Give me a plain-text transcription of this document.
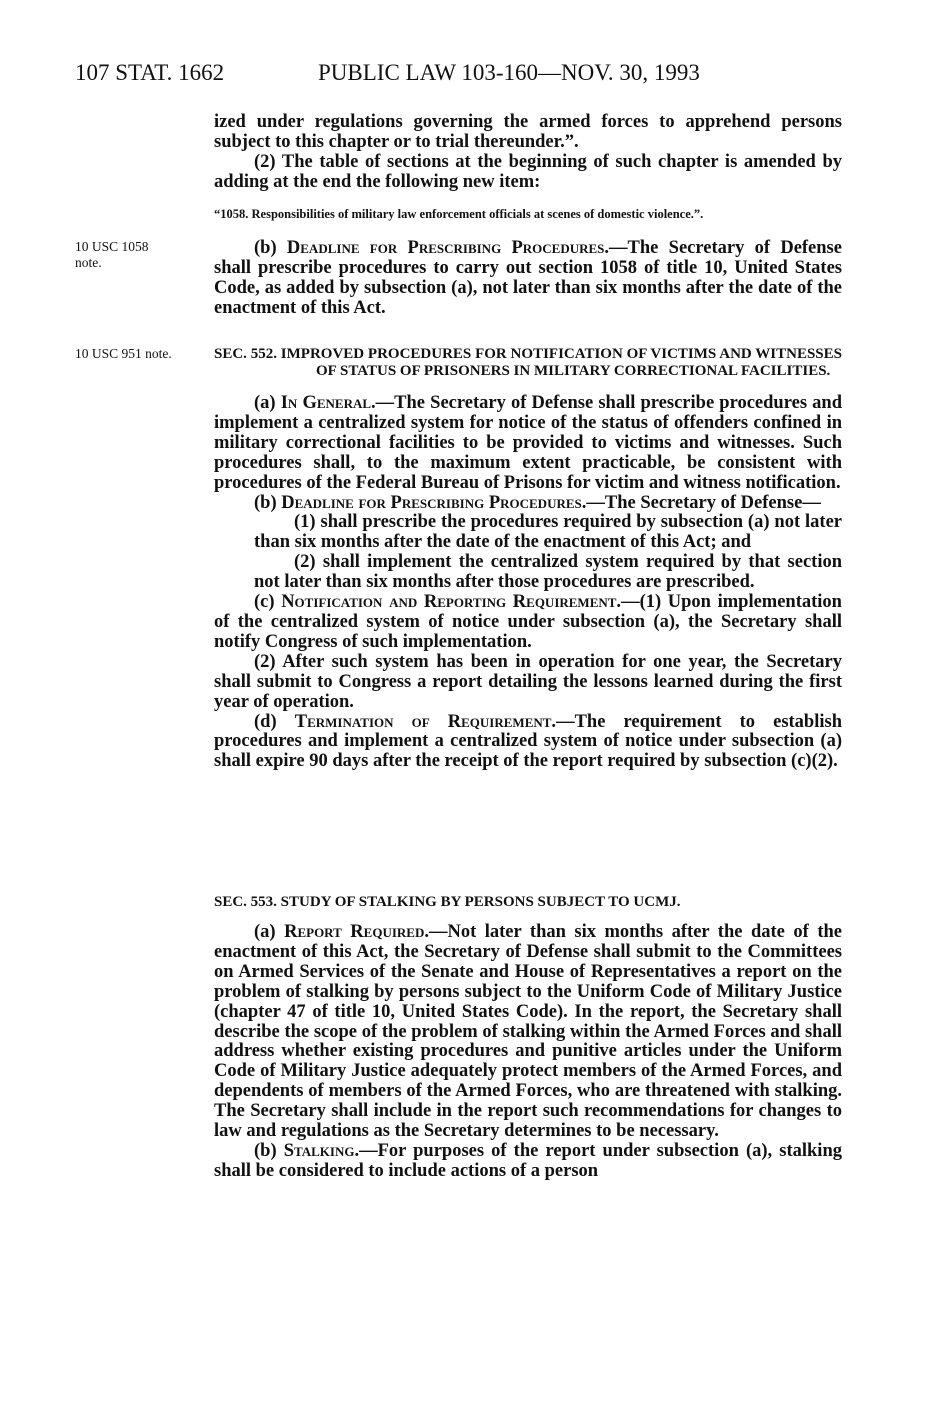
107 STAT. 1662	PUBLIC LAW 103-160—NOV. 30, 1993

ized under regulations governing the armed forces to apprehend persons subject to this chapter or to trial thereunder.”.

(2) The table of sections at the beginning of such chapter is amended by adding at the end the following new item:

“1058. Responsibilities of military law enforcement officials at scenes of domestic violence.”.
10 USC 1058
note.

(b) Deadline for Prescribing Procedures.—The Secretary of Defense shall prescribe procedures to carry out section 1058 of title 10, United States Code, as added by subsection (a), not later than six months after the date of the enactment of this Act.

10 USC 951 note.	SEC. 552. IMPROVED PROCEDURES FOR NOTIFICATION OF VICTIMS AND WITNESSES OF STATUS OF PRISONERS IN MILITARY CORRECTIONAL FACILITIES.

(a) In General.—The Secretary of Defense shall prescribe procedures and implement a centralized system for notice of the status of offenders confined in military correctional facilities to be provided to victims and witnesses. Such procedures shall, to the maximum extent practicable, be consistent with procedures of the Federal Bureau of Prisons for victim and witness notification.

(b) Deadline for Prescribing Procedures.—The Secretary of Defense—

(1) shall prescribe the procedures required by subsection (a) not later than six months after the date of the enactment of this Act; and

(2) shall implement the centralized system required by that section not later than six months after those procedures are prescribed.

(c) Notification and Reporting Requirement.—(1) Upon implementation of the centralized system of notice under subsection (a), the Secretary shall notify Congress of such implementation.

(2) After such system has been in operation for one year, the Secretary shall submit to Congress a report detailing the lessons learned during the first year of operation.

(d) Termination of Requirement.—The requirement to establish procedures and implement a centralized system of notice under subsection (a) shall expire 90 days after the receipt of the report required by subsection (c)(2).

SEC. 553. STUDY OF STALKING BY PERSONS SUBJECT TO UCMJ.

(a) Report Required.—Not later than six months after the date of the enactment of this Act, the Secretary of Defense shall submit to the Committees on Armed Services of the Senate and House of Representatives a report on the problem of stalking by persons subject to the Uniform Code of Military Justice (chapter 47 of title 10, United States Code). In the report, the Secretary shall describe the scope of the problem of stalking within the Armed Forces and shall address whether existing procedures and punitive articles under the Uniform Code of Military Justice adequately protect members of the Armed Forces, and dependents of members of the Armed Forces, who are threatened with stalking. The Secretary shall include in the report such recommendations for changes to law and regulations as the Secretary determines to be necessary.

(b) Stalking.—For purposes of the report under subsection (a), stalking shall be considered to include actions of a person
